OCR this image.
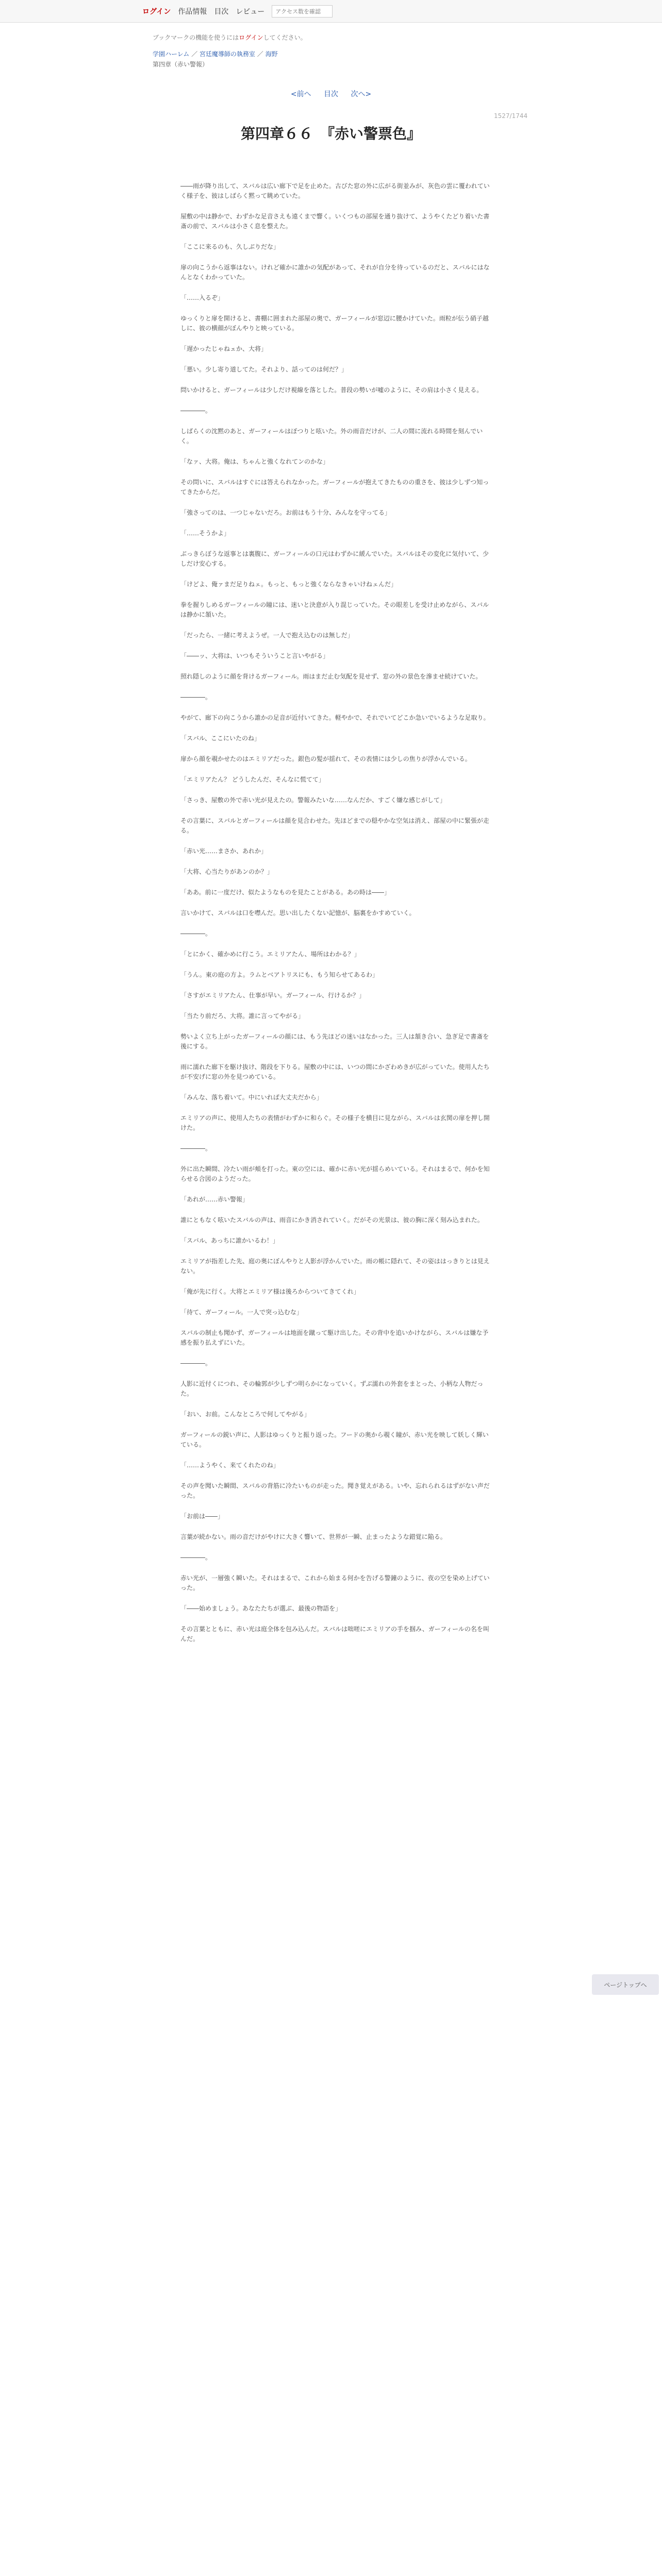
ログイン 作品情報 目次 レビュー
アクセス数を確認
ブックマークの機能を使うにはログインしてください。
学園ハーレム ／ 宮廷魔導師の執務室 ／ 海野
第四章（赤い警報）
<前へ 目次 次へ>
1527/1744
第四章６６　『赤い警票色』

――雨が降り出して、スバルは広い廊下で足を止めた。古びた窓の外に広がる街並みが、灰色の雲に覆われていく様子を、彼はしばらく黙って眺めていた。

屋敷の中は静かで、わずかな足音さえも遠くまで響く。いくつもの部屋を通り抜けて、ようやくたどり着いた書斎の前で、スバルは小さく息を整えた。

「ここに来るのも、久しぶりだな」

扉の向こうから返事はない。けれど確かに誰かの気配があって、それが自分を待っているのだと、スバルにはなんとなくわかっていた。

「……入るぞ」

ゆっくりと扉を開けると、書棚に囲まれた部屋の奥で、ガーフィールが窓辺に腰かけていた。雨粒が伝う硝子越しに、彼の横顔がぼんやりと映っている。

「遅かったじゃねェか、大将」

「悪い。少し寄り道してた。それより、話ってのは何だ？」

問いかけると、ガーフィールは少しだけ視線を落とした。普段の勢いが嘘のように、その肩は小さく見える。

――――。

しばらくの沈黙のあと、ガーフィールはぽつりと呟いた。外の雨音だけが、二人の間に流れる時間を刻んでいく。

「なァ、大将。俺は、ちゃんと強くなれてンのかな」

その問いに、スバルはすぐには答えられなかった。ガーフィールが抱えてきたものの重さを、彼は少しずつ知ってきたからだ。

「強さってのは、一つじゃないだろ。お前はもう十分、みんなを守ってる」

「……そうかよ」

ぶっきらぼうな返事とは裏腹に、ガーフィールの口元はわずかに緩んでいた。スバルはその変化に気付いて、少しだけ安心する。

「けどよ、俺ァまだ足りねェ。もっと、もっと強くならなきゃいけねェんだ」

拳を握りしめるガーフィールの瞳には、迷いと決意が入り混じっていた。その眼差しを受け止めながら、スバルは静かに頷いた。

「だったら、一緒に考えようぜ。一人で抱え込むのは無しだ」

「――ッ、大将は、いつもそういうこと言いやがる」

照れ隠しのように顔を背けるガーフィール。雨はまだ止む気配を見せず、窓の外の景色を滲ませ続けていた。

――――。

やがて、廊下の向こうから誰かの足音が近付いてきた。軽やかで、それでいてどこか急いでいるような足取り。

「スバル、ここにいたのね」

扉から顔を覗かせたのはエミリアだった。銀色の髪が揺れて、その表情には少しの焦りが浮かんでいる。

「エミリアたん？ どうしたんだ、そんなに慌てて」

「さっき、屋敷の外で赤い光が見えたの。警報みたいな……なんだか、すごく嫌な感じがして」

その言葉に、スバルとガーフィールは顔を見合わせた。先ほどまでの穏やかな空気は消え、部屋の中に緊張が走る。

「赤い光……まさか、あれか」

「大将、心当たりがあンのか？」

「ああ。前に一度だけ、似たようなものを見たことがある。あの時は――」

言いかけて、スバルは口を噤んだ。思い出したくない記憶が、脳裏をかすめていく。

――――。

「とにかく、確かめに行こう。エミリアたん、場所はわかる？」

「うん。東の庭の方よ。ラムとベアトリスにも、もう知らせてあるわ」

「さすがエミリアたん、仕事が早い。ガーフィール、行けるか？」

「当たり前だろ、大将。誰に言ってやがる」

勢いよく立ち上がったガーフィールの顔には、もう先ほどの迷いはなかった。三人は頷き合い、急ぎ足で書斎を後にする。

雨に濡れた廊下を駆け抜け、階段を下りる。屋敷の中には、いつの間にかざわめきが広がっていた。使用人たちが不安げに窓の外を見つめている。

「みんな、落ち着いて。中にいれば大丈夫だから」

エミリアの声に、使用人たちの表情がわずかに和らぐ。その様子を横目に見ながら、スバルは玄関の扉を押し開けた。

――――。

外に出た瞬間、冷たい雨が頬を打った。東の空には、確かに赤い光が揺らめいている。それはまるで、何かを知らせる合図のようだった。

「あれが……赤い警報」

誰にともなく呟いたスバルの声は、雨音にかき消されていく。だがその光景は、彼の胸に深く刻み込まれた。

「スバル、あっちに誰かいるわ！」

エミリアが指差した先、庭の奥にぼんやりと人影が浮かんでいた。雨の帳に隠れて、その姿ははっきりとは見えない。

「俺が先に行く。大将とエミリア様は後ろからついてきてくれ」

「待て、ガーフィール。一人で突っ込むな」

スバルの制止も聞かず、ガーフィールは地面を蹴って駆け出した。その背中を追いかけながら、スバルは嫌な予感を振り払えずにいた。

――――。

人影に近付くにつれ、その輪郭が少しずつ明らかになっていく。ずぶ濡れの外套をまとった、小柄な人物だった。

「おい、お前。こんなところで何してやがる」

ガーフィールの鋭い声に、人影はゆっくりと振り返った。フードの奥から覗く瞳が、赤い光を映して妖しく輝いている。

「……ようやく、来てくれたのね」

その声を聞いた瞬間、スバルの背筋に冷たいものが走った。聞き覚えがある。いや、忘れられるはずがない声だった。

「お前は――」

言葉が続かない。雨の音だけがやけに大きく響いて、世界が一瞬、止まったような錯覚に陥る。

――――。

赤い光が、一層強く瞬いた。それはまるで、これから始まる何かを告げる警鐘のように、夜の空を染め上げていった。

「――始めましょう。あなたたちが選ぶ、最後の物語を」

その言葉とともに、赤い光は庭全体を包み込んだ。スバルは咄嗟にエミリアの手を掴み、ガーフィールの名を叫んだ。

ページトップへ
